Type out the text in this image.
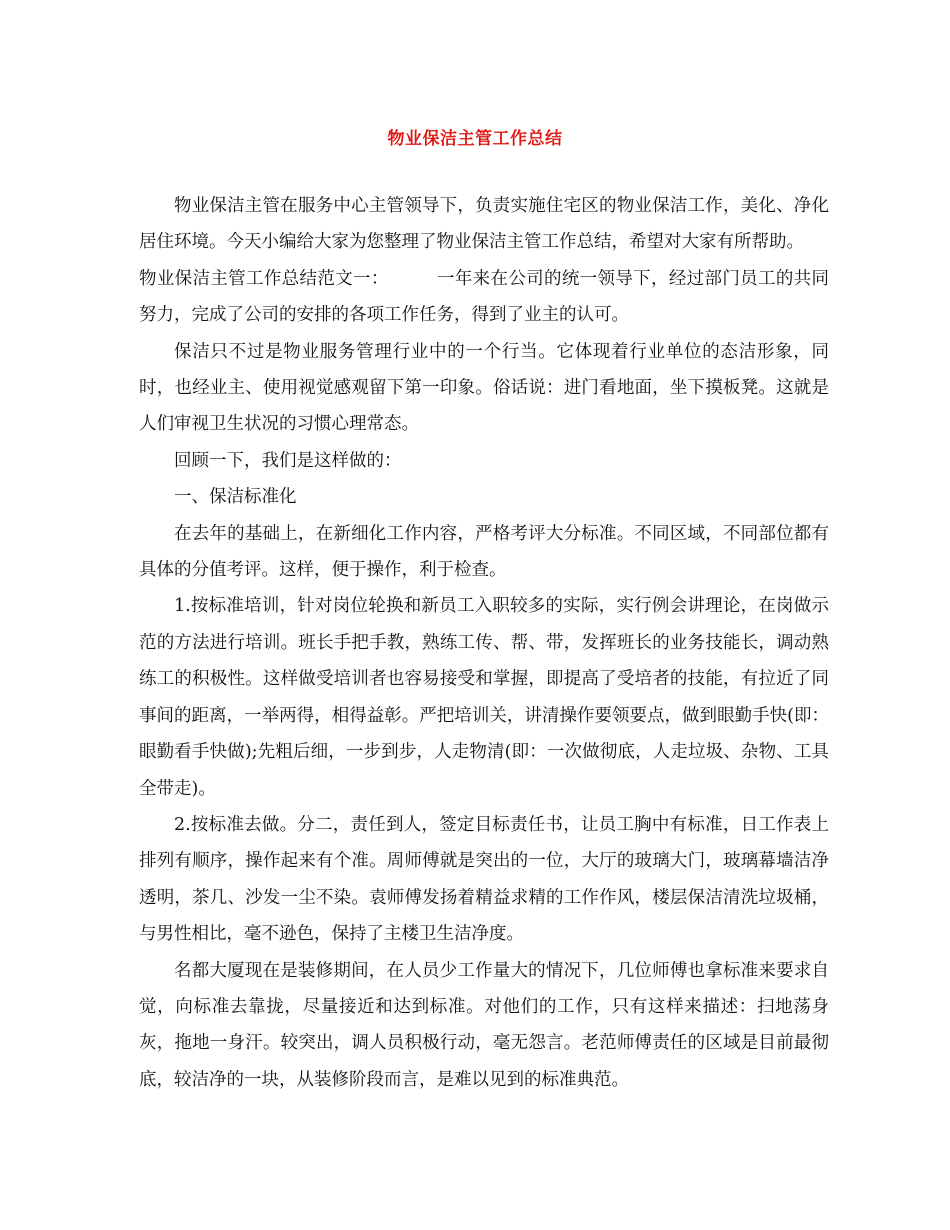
物业保洁主管工作总结

物业保洁主管在服务中心主管领导下，负责实施住宅区的物业保洁工作，美化、净化居住环境。今天小编给大家为您整理了物业保洁主管工作总结，希望对大家有所帮助。

物业保洁主管工作总结范文一：	一年来在公司的统一领导下，经过部门员工的共同努力，完成了公司的安排的各项工作任务，得到了业主的认可。

保洁只不过是物业服务管理行业中的一个行当。它体现着行业单位的态洁形象，同时，也经业主、使用视觉感观留下第一印象。俗话说：进门看地面，坐下摸板凳。这就是人们审视卫生状况的习惯心理常态。

回顾一下，我们是这样做的：

一、保洁标准化

在去年的基础上，在新细化工作内容，严格考评大分标准。不同区域，不同部位都有具体的分值考评。这样，便于操作，利于检查。

1.按标准培训，针对岗位轮换和新员工入职较多的实际，实行例会讲理论，在岗做示范的方法进行培训。班长手把手教，熟练工传、帮、带，发挥班长的业务技能长，调动熟练工的积极性。这样做受培训者也容易接受和掌握，即提高了受培者的技能，有拉近了同事间的距离，一举两得，相得益彰。严把培训关，讲清操作要领要点，做到眼勤手快(即：眼勤看手快做);先粗后细，一步到步，人走物清(即：一次做彻底，人走垃圾、杂物、工具全带走)。

2.按标准去做。分二，责任到人，签定目标责任书，让员工胸中有标准，日工作表上排列有顺序，操作起来有个准。周师傅就是突出的一位，大厅的玻璃大门，玻璃幕墙洁净透明，茶几、沙发一尘不染。袁师傅发扬着精益求精的工作作风，楼层保洁清洗垃圾桶，与男性相比，毫不逊色，保持了主楼卫生洁净度。

名都大厦现在是装修期间，在人员少工作量大的情况下，几位师傅也拿标准来要求自觉，向标准去靠拢，尽量接近和达到标准。对他们的工作，只有这样来描述：扫地荡身灰，拖地一身汗。较突出，调人员积极行动，毫无怨言。老范师傅责任的区域是目前最彻底，较洁净的一块，从装修阶段而言，是难以见到的标准典范。
